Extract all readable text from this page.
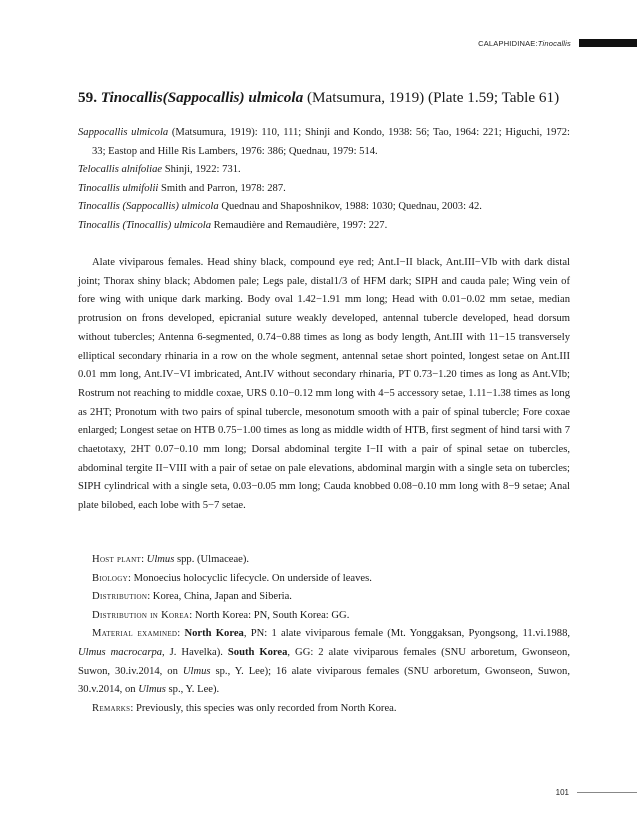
CALAPHIDINAE: Tinocallis
59. Tinocallis(Sappocallis) ulmicola (Matsumura, 1919) (Plate 1.59; Table 61)
Sappocallis ulmicola (Matsumura, 1919): 110, 111; Shinji and Kondo, 1938: 56; Tao, 1964: 221; Higuchi, 1972: 33; Eastop and Hille Ris Lambers, 1976: 386; Quednau, 1979: 514.
Telocallis alnifoliae Shinji, 1922: 731.
Tinocallis ulmifolii Smith and Parron, 1978: 287.
Tinocallis (Sappocallis) ulmicola Quednau and Shaposhnikov, 1988: 1030; Quednau, 2003: 42.
Tinocallis (Tinocallis) ulmicola Remaudière and Remaudière, 1997: 227.
Alate viviparous females. Head shiny black, compound eye red; Ant.I−II black, Ant.III−VIb with dark distal joint; Thorax shiny black; Abdomen pale; Legs pale, distal1/3 of HFM dark; SIPH and cauda pale; Wing vein of fore wing with unique dark marking. Body oval 1.42−1.91 mm long; Head with 0.01−0.02 mm setae, median protrusion on frons developed, epicranial suture weakly developed, antennal tubercle developed, head dorsum without tubercles; Antenna 6-segmented, 0.74−0.88 times as long as body length, Ant.III with 11−15 transversely elliptical secondary rhinaria in a row on the whole segment, antennal setae short pointed, longest setae on Ant.III 0.01 mm long, Ant.IV−VI imbricated, Ant.IV without secondary rhinaria, PT 0.73−1.20 times as long as Ant.VIb; Rostrum not reaching to middle coxae, URS 0.10−0.12 mm long with 4−5 accessory setae, 1.11−1.38 times as long as 2HT; Pronotum with two pairs of spinal tubercle, mesonotum smooth with a pair of spinal tubercle; Fore coxae enlarged; Longest setae on HTB 0.75−1.00 times as long as middle width of HTB, first segment of hind tarsi with 7 chaetotaxy, 2HT 0.07−0.10 mm long; Dorsal abdominal tergite I−II with a pair of spinal setae on tubercles, abdominal tergite II−VIII with a pair of setae on pale elevations, abdominal margin with a single seta on tubercles; SIPH cylindrical with a single seta, 0.03−0.05 mm long; Cauda knobbed 0.08−0.10 mm long with 8−9 setae; Anal plate bilobed, each lobe with 5−7 setae.
Host plant: Ulmus spp. (Ulmaceae).
Biology: Monoecius holocyclic lifecycle. On underside of leaves.
Distribution: Korea, China, Japan and Siberia.
Distribution in Korea: North Korea: PN, South Korea: GG.
Material examined: North Korea, PN: 1 alate viviparous female (Mt. Yonggaksan, Pyongsong, 11.vi.1988, Ulmus macrocarpa, J. Havelka). South Korea, GG: 2 alate viviparous females (SNU arboretum, Gwonseon, Suwon, 30.iv.2014, on Ulmus sp., Y. Lee); 16 alate viviparous females (SNU arboretum, Gwonseon, Suwon, 30.v.2014, on Ulmus sp., Y. Lee).
Remarks: Previously, this species was only recorded from North Korea.
101
